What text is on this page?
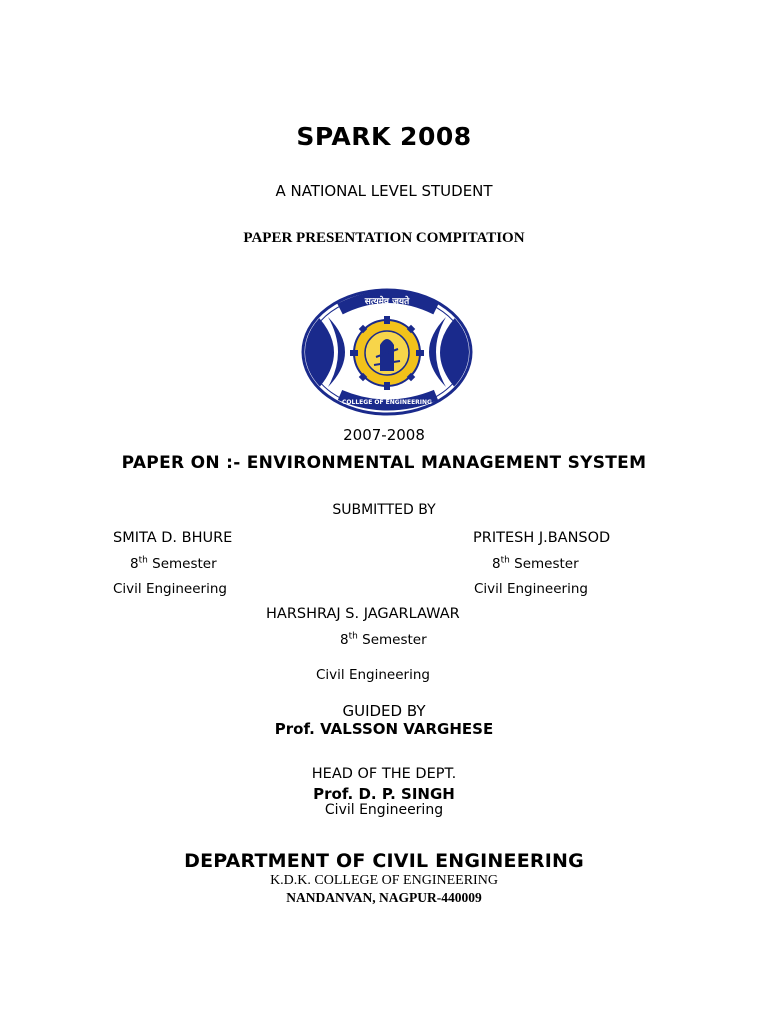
SPARK 2008
A NATIONAL LEVEL STUDENT
PAPER PRESENTATION COMPITATION
सत्यमेव जयते
COLLEGE OF ENGINEERING
2007-2008
PAPER ON :- ENVIRONMENTAL MANAGEMENT SYSTEM
SUBMITTED BY
SMITA D. BHURE
8th Semester
Civil Engineering
PRITESH J.BANSOD
8th Semester
Civil Engineering
HARSHRAJ S. JAGARLAWAR
8th Semester
Civil Engineering
GUIDED BY
Prof. VALSSON VARGHESE
HEAD OF THE DEPT.
Prof. D. P. SINGH
Civil Engineering
DEPARTMENT OF CIVIL ENGINEERING
K.D.K. COLLEGE OF ENGINEERING
NANDANVAN, NAGPUR-440009
